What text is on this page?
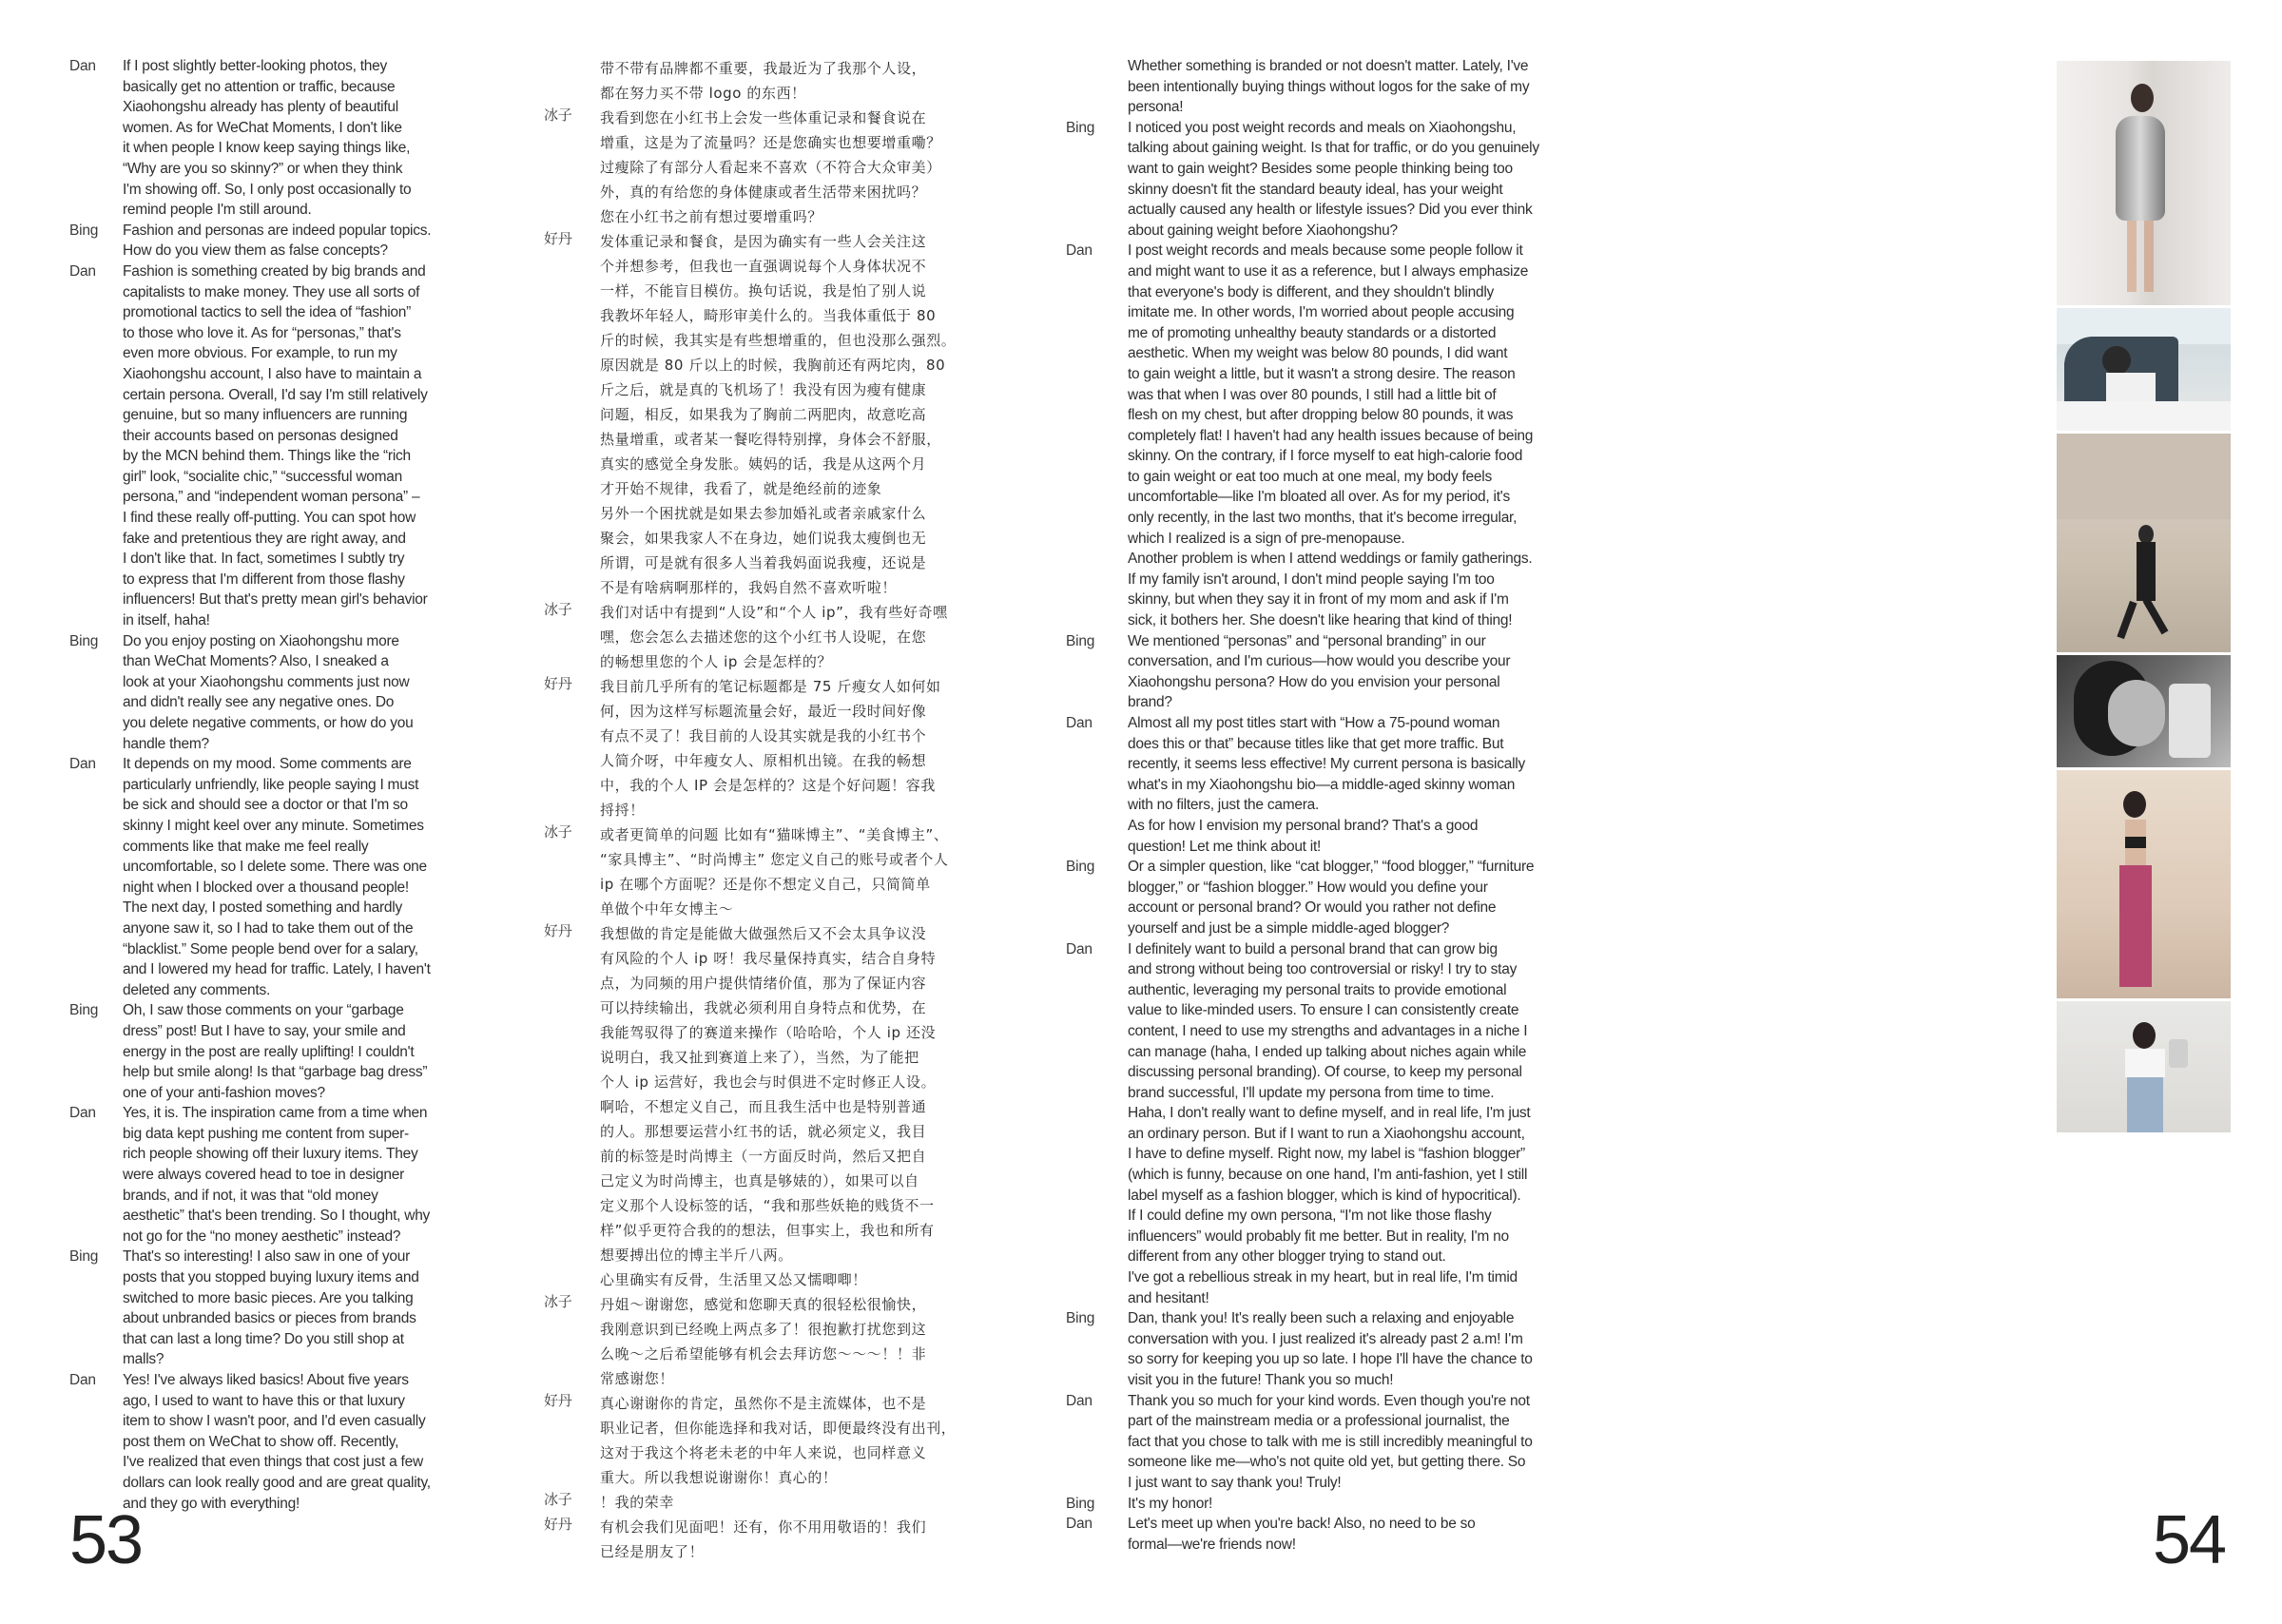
Dan	If I post slightly better-looking photos, they
basically get no attention or traffic, because
Xiaohongshu already has plenty of beautiful
women. As for WeChat Moments, I don't like
it when people I know keep saying things like,
“Why are you so skinny?” or when they think
I'm showing off. So, I only post occasionally to
remind people I'm still around.
Bing	Fashion and personas are indeed popular topics.
How do you view them as false concepts?
Dan	Fashion is something created by big brands and
capitalists to make money. They use all sorts of
promotional tactics to sell the idea of “fashion”
to those who love it. As for “personas,” that's
even more obvious. For example, to run my
Xiaohongshu account, I also have to maintain a
certain persona. Overall, I'd say I'm still relatively
genuine, but so many influencers are running
their accounts based on personas designed
by the MCN behind them. Things like the “rich
girl” look, “socialite chic,” “successful woman
persona,” and “independent woman persona” –
I find these really off-putting. You can spot how
fake and pretentious they are right away, and
I don't like that. In fact, sometimes I subtly try
to express that I'm different from those flashy
influencers! But that's pretty mean girl's behavior
in itself, haha!
Bing	Do you enjoy posting on Xiaohongshu more
than WeChat Moments? Also, I sneaked a
look at your Xiaohongshu comments just now
and didn't really see any negative ones. Do
you delete negative comments, or how do you
handle them?
Dan	It depends on my mood. Some comments are
particularly unfriendly, like people saying I must
be sick and should see a doctor or that I'm so
skinny I might keel over any minute. Sometimes
comments like that make me feel really
uncomfortable, so I delete some. There was one
night when I blocked over a thousand people!
The next day, I posted something and hardly
anyone saw it, so I had to take them out of the
“blacklist.” Some people bend over for a salary,
and I lowered my head for traffic. Lately, I haven't
deleted any comments.
Bing	Oh, I saw those comments on your “garbage
dress” post! But I have to say, your smile and
energy in the post are really uplifting! I couldn't
help but smile along! Is that “garbage bag dress”
one of your anti-fashion moves?
Dan	Yes, it is. The inspiration came from a time when
big data kept pushing me content from super-
rich people showing off their luxury items. They
were always covered head to toe in designer
brands, and if not, it was that “old money
aesthetic” that's been trending. So I thought, why
not go for the “no money aesthetic” instead?
Bing	That's so interesting! I also saw in one of your
posts that you stopped buying luxury items and
switched to more basic pieces. Are you talking
about unbranded basics or pieces from brands
that can last a long time? Do you still shop at
malls?
Dan	Yes! I've always liked basics! About five years
ago, I used to want to have this or that luxury
item to show I wasn't poor, and I'd even casually
post them on WeChat to show off. Recently,
I've realized that even things that cost just a few
dollars can look really good and are great quality,
and they go with everything!
带不带有品牌都不重要，我最近为了我那个人设，
都在努力买不带 logo 的东西！
冰子	我看到您在小红书上会发一些体重记录和餐食说在
增重，这是为了流量吗？还是您确实也想要增重嘞？
过瘦除了有部分人看起来不喜欢（不符合大众审美）
外，真的有给您的身体健康或者生活带来困扰吗？
您在小红书之前有想过要增重吗？
好丹	发体重记录和餐食，是因为确实有一些人会关注这
个并想参考，但我也一直强调说每个人身体状况不
一样，不能盲目模仿。换句话说，我是怕了别人说
我教坏年轻人，畸形审美什么的。当我体重低于 80
斤的时候，我其实是有些想增重的，但也没那么强烈。
原因就是 80 斤以上的时候，我胸前还有两坨肉，80
斤之后，就是真的飞机场了！我没有因为瘦有健康
问题，相反，如果我为了胸前二两肥肉，故意吃高
热量增重，或者某一餐吃得特别撑，身体会不舒服，
真实的感觉全身发胀。姨妈的话，我是从这两个月
才开始不规律，我看了，就是绝经前的迹象
另外一个困扰就是如果去参加婚礼或者亲戚家什么
聚会，如果我家人不在身边，她们说我太瘦倒也无
所谓，可是就有很多人当着我妈面说我瘦，还说是
不是有啥病啊那样的，我妈自然不喜欢听啦！
冰子	我们对话中有提到“人设”和“个人 ip”，我有些好奇嘿
嘿，您会怎么去描述您的这个小红书人设呢，在您
的畅想里您的个人 ip 会是怎样的？
好丹	我目前几乎所有的笔记标题都是 75 斤瘦女人如何如
何，因为这样写标题流量会好，最近一段时间好像
有点不灵了！我目前的人设其实就是我的小红书个
人简介呀，中年瘦女人、原相机出镜。在我的畅想
中，我的个人 IP 会是怎样的？这是个好问题！容我
捋捋！
冰子	或者更简单的问题 比如有“猫咪博主”、“美食博主”、
“家具博主”、“时尚博主” 您定义自己的账号或者个人
ip 在哪个方面呢？还是你不想定义自己，只简简单
单做个中年女博主～
好丹	我想做的肯定是能做大做强然后又不会太具争议没
有风险的个人 ip 呀！我尽量保持真实，结合自身特
点，为同频的用户提供情绪价值，那为了保证内容
可以持续输出，我就必须利用自身特点和优势，在
我能驾驭得了的赛道来操作（哈哈哈，个人 ip 还没
说明白，我又扯到赛道上来了），当然，为了能把
个人 ip 运营好，我也会与时俱进不定时修正人设。
啊哈，不想定义自己，而且我生活中也是特别普通
的人。那想要运营小红书的话，就必须定义，我目
前的标签是时尚博主（一方面反时尚，然后又把自
己定义为时尚博主，也真是够婊的），如果可以自
定义那个人设标签的话，“我和那些妖艳的贱货不一
样”似乎更符合我的的想法，但事实上，我也和所有
想要搏出位的博主半斤八两。
心里确实有反骨，生活里又怂又懦唧唧！
冰子	丹姐～谢谢您，感觉和您聊天真的很轻松很愉快，
我刚意识到已经晚上两点多了！很抱歉打扰您到这
么晚～之后希望能够有机会去拜访您～～～！！非
常感谢您！
好丹	真心谢谢你的肯定，虽然你不是主流媒体，也不是
职业记者，但你能选择和我对话，即便最终没有出刊，
这对于我这个将老未老的中年人来说，也同样意义
重大。所以我想说谢谢你！真心的！
冰子	！我的荣幸
好丹	有机会我们见面吧！还有，你不用用敬语的！我们
已经是朋友了！
Whether something is branded or not doesn't matter. Lately, I've
been intentionally buying things without logos for the sake of my
persona!
Bing	I noticed you post weight records and meals on Xiaohongshu,
talking about gaining weight. Is that for traffic, or do you genuinely
want to gain weight? Besides some people thinking being too
skinny doesn't fit the standard beauty ideal, has your weight
actually caused any health or lifestyle issues? Did you ever think
about gaining weight before Xiaohongshu?
Dan	I post weight records and meals because some people follow it
and might want to use it as a reference, but I always emphasize
that everyone's body is different, and they shouldn't blindly
imitate me. In other words, I'm worried about people accusing
me of promoting unhealthy beauty standards or a distorted
aesthetic. When my weight was below 80 pounds, I did want
to gain weight a little, but it wasn't a strong desire. The reason
was that when I was over 80 pounds, I still had a little bit of
flesh on my chest, but after dropping below 80 pounds, it was
completely flat! I haven't had any health issues because of being
skinny. On the contrary, if I force myself to eat high-calorie food
to gain weight or eat too much at one meal, my body feels
uncomfortable—like I'm bloated all over. As for my period, it's
only recently, in the last two months, that it's become irregular,
which I realized is a sign of pre-menopause.
Another problem is when I attend weddings or family gatherings.
If my family isn't around, I don't mind people saying I'm too
skinny, but when they say it in front of my mom and ask if I'm
sick, it bothers her. She doesn't like hearing that kind of thing!
Bing	We mentioned “personas” and “personal branding” in our
conversation, and I'm curious—how would you describe your
Xiaohongshu persona? How do you envision your personal
brand?
Dan	Almost all my post titles start with “How a 75-pound woman
does this or that” because titles like that get more traffic. But
recently, it seems less effective! My current persona is basically
what's in my Xiaohongshu bio—a middle-aged skinny woman
with no filters, just the camera.
As for how I envision my personal brand? That's a good
question! Let me think about it!
Bing	Or a simpler question, like “cat blogger,” “food blogger,” “furniture
blogger,” or “fashion blogger.” How would you define your
account or personal brand? Or would you rather not define
yourself and just be a simple middle-aged blogger?
Dan	I definitely want to build a personal brand that can grow big
and strong without being too controversial or risky! I try to stay
authentic, leveraging my personal traits to provide emotional
value to like-minded users. To ensure I can consistently create
content, I need to use my strengths and advantages in a niche I
can manage (haha, I ended up talking about niches again while
discussing personal branding). Of course, to keep my personal
brand successful, I'll update my persona from time to time.
Haha, I don't really want to define myself, and in real life, I'm just
an ordinary person. But if I want to run a Xiaohongshu account,
I have to define myself. Right now, my label is “fashion blogger”
(which is funny, because on one hand, I'm anti-fashion, yet I still
label myself as a fashion blogger, which is kind of hypocritical).
If I could define my own persona, “I'm not like those flashy
influencers” would probably fit me better. But in reality, I'm no
different from any other blogger trying to stand out.
I've got a rebellious streak in my heart, but in real life, I'm timid
and hesitant!
Bing	Dan, thank you! It's really been such a relaxing and enjoyable
conversation with you. I just realized it's already past 2 a.m! I'm
so sorry for keeping you up so late. I hope I'll have the chance to
visit you in the future! Thank you so much!
Dan	Thank you so much for your kind words. Even though you're not
part of the mainstream media or a professional journalist, the
fact that you chose to talk with me is still incredibly meaningful to
someone like me—who's not quite old yet, but getting there. So
I just want to say thank you! Truly!
Bing	It's my honor!
Dan	Let's meet up when you're back! Also, no need to be so
formal—we're friends now!
53	54
